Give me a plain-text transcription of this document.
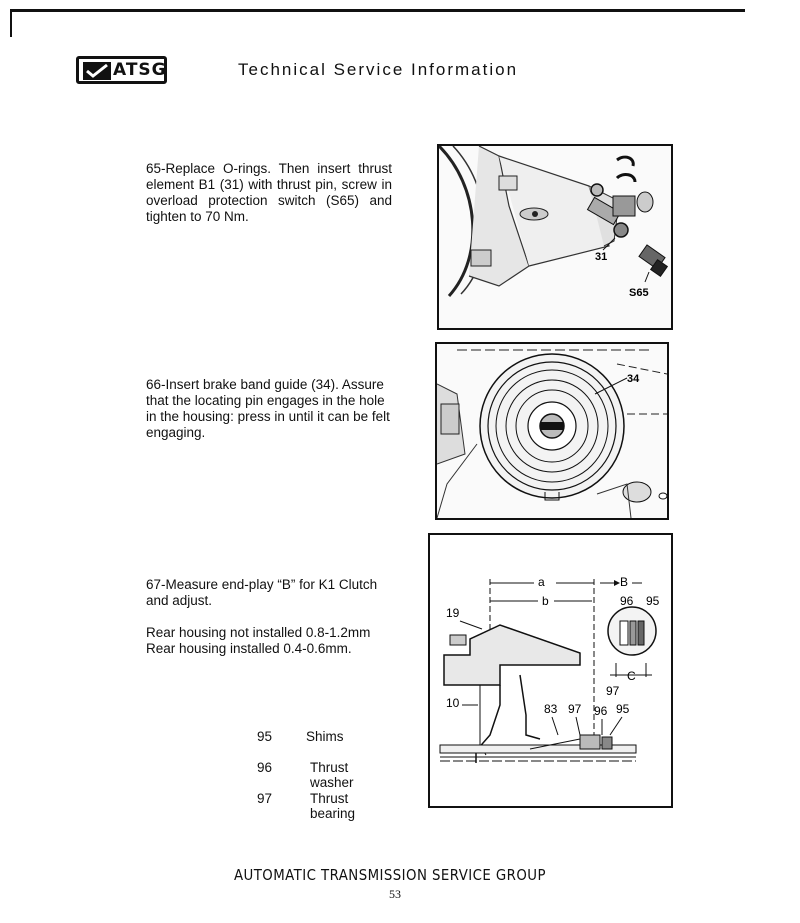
ATSG	Technical Service Information
65-Replace O-rings. Then insert thrust element B1 (31) with thrust pin, screw in overload protection switch (S65) and tighten to 70 Nm.
31
S65
66-Insert brake band guide (34). Assure that the locating pin engages in the hole in the housing: press in until it can be felt engaging.
34
67-Measure end-play “B” for K1 Clutch and adjust.
Rear housing not installed 0.8-1.2mm
Rear housing installed 0.4-0.6mm.
a	B
b
19
10	83 97 96 95
96 95
C
97
95	Shims
96	Thrust washer
97	Thrust bearing
AUTOMATIC TRANSMISSION SERVICE GROUP
53
